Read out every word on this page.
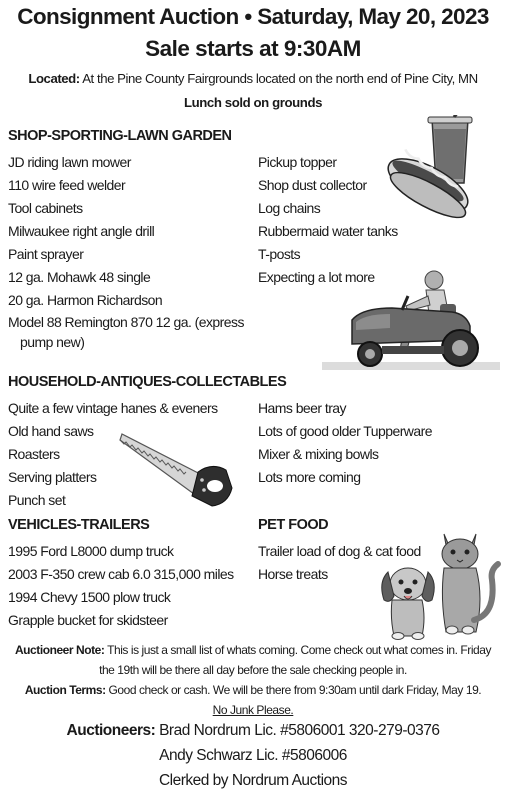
Consignment Auction • Saturday, May 20, 2023
Sale starts at 9:30AM
Located: At the Pine County Fairgrounds located on the north end of Pine City, MN
Lunch sold on grounds
SHOP-SPORTING-LAWN GARDEN
JD riding lawn mower
110 wire feed welder
Tool cabinets
Milwaukee right angle drill
Paint sprayer
12 ga. Mohawk 48 single
20 ga. Harmon Richardson
Model 88 Remington 870 12 ga. (express pump new)
Pickup topper
Shop dust collector
Log chains
Rubbermaid water tanks
T-posts
Expecting a lot more
HOUSEHOLD-ANTIQUES-COLLECTABLES
Quite a few vintage hanes & eveners
Old hand saws
Roasters
Serving platters
Punch set
Hams beer tray
Lots of good older Tupperware
Mixer & mixing bowls
Lots more coming
VEHICLES-TRAILERS
1995 Ford L8000 dump truck
2003 F-350 crew cab 6.0 315,000 miles
1994 Chevy 1500 plow truck
Grapple bucket for skidsteer
PET FOOD
Trailer load of dog & cat food
Horse treats
Auctioneer Note: This is just a small list of whats coming. Come check out what comes in. Friday the 19th will be there all day before the sale checking people in.
Auction Terms: Good check or cash. We will be there from 9:30am until dark Friday, May 19.
No Junk Please.
Auctioneers: Brad Nordrum Lic. #5806001 320-279-0376
Andy Schwarz Lic. #5806006
Clerked by Nordrum Auctions
